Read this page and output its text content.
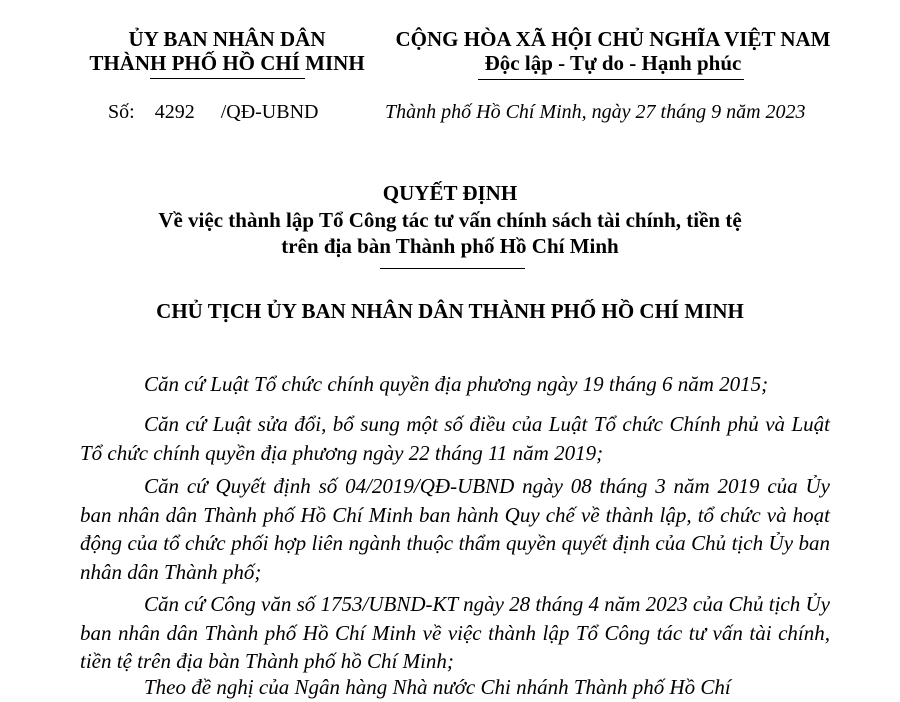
ỦY BAN NHÂN DÂN
THÀNH PHỐ HỒ CHÍ MINH
CỘNG HÒA XÃ HỘI CHỦ NGHĨA VIỆT NAM
Độc lập - Tự do - Hạnh phúc
Số: 4292 /QĐ-UBND	Thành phố Hồ Chí Minh, ngày 27 tháng 9 năm 2023
QUYẾT ĐỊNH
Về việc thành lập Tổ Công tác tư vấn chính sách tài chính, tiền tệ
trên địa bàn Thành phố Hồ Chí Minh
CHỦ TỊCH ỦY BAN NHÂN DÂN THÀNH PHỐ HỒ CHÍ MINH

Căn cứ Luật Tổ chức chính quyền địa phương ngày 19 tháng 6 năm 2015;

Căn cứ Luật sửa đổi, bổ sung một số điều của Luật Tổ chức Chính phủ và Luật Tổ chức chính quyền địa phương ngày 22 tháng 11 năm 2019;

Căn cứ Quyết định số 04/2019/QĐ-UBND ngày 08 tháng 3 năm 2019 của Ủy ban nhân dân Thành phố Hồ Chí Minh ban hành Quy chế về thành lập, tổ chức và hoạt động của tổ chức phối hợp liên ngành thuộc thẩm quyền quyết định của Chủ tịch Ủy ban nhân dân Thành phố;

Căn cứ Công văn số 1753/UBND-KT ngày 28 tháng 4 năm 2023 của Chủ tịch Ủy ban nhân dân Thành phố Hồ Chí Minh về việc thành lập Tổ Công tác tư vấn tài chính, tiền tệ trên địa bàn Thành phố hồ Chí Minh;

Theo đề nghị của Ngân hàng Nhà nước Chi nhánh Thành phố Hồ Chí
